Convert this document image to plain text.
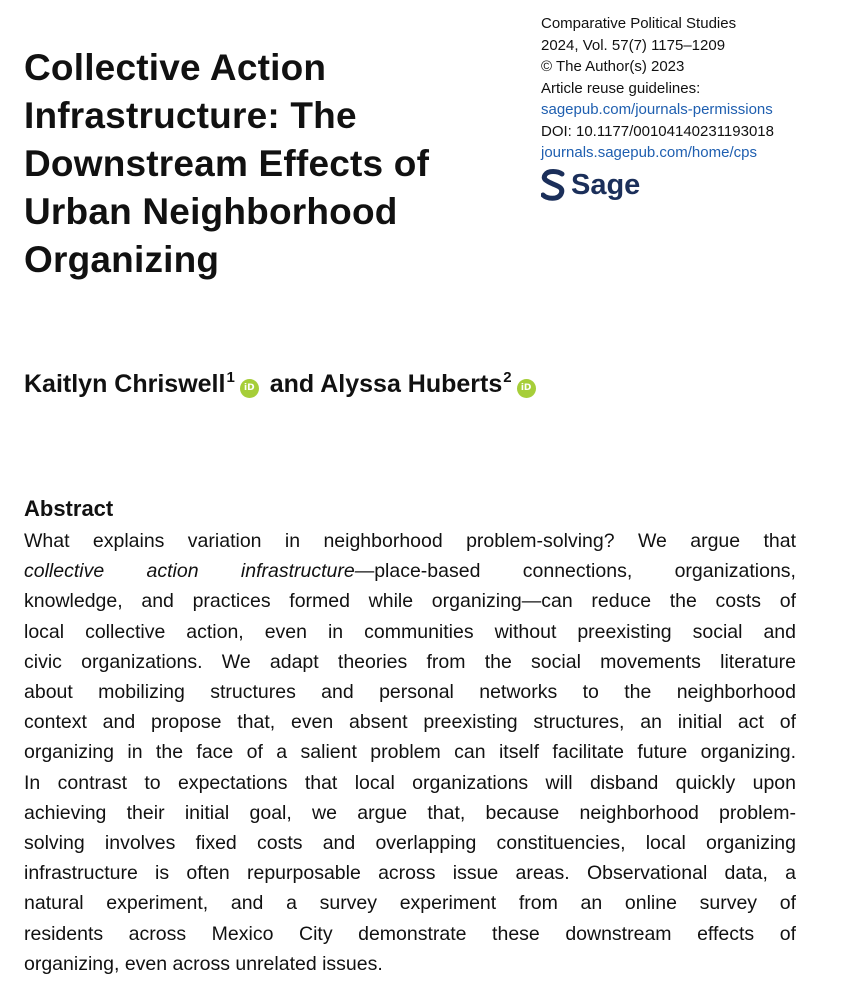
Collective Action
Infrastructure: The
Downstream Effects of
Urban Neighborhood
Organizing
Comparative Political Studies
2024, Vol. 57(7) 1175–1209
© The Author(s) 2023
Article reuse guidelines:
sagepub.com/journals-permissions
DOI: 10.1177/00104140231193018
journals.sagepub.com/home/cps
Sage
Kaitlyn Chriswell$^1$iD and Alyssa Huberts$^2$iD
Abstract

What explains variation in neighborhood problem-solving? We argue that
collective action infrastructure—place-based connections, organizations,
knowledge, and practices formed while organizing—can reduce the costs of
local collective action, even in communities without preexisting social and
civic organizations. We adapt theories from the social movements literature
about mobilizing structures and personal networks to the neighborhood
context and propose that, even absent preexisting structures, an initial act of
organizing in the face of a salient problem can itself facilitate future organizing.
In contrast to expectations that local organizations will disband quickly upon
achieving their initial goal, we argue that, because neighborhood problem-
solving involves fixed costs and overlapping constituencies, local organizing
infrastructure is often repurposable across issue areas. Observational data, a
natural experiment, and a survey experiment from an online survey of
residents across Mexico City demonstrate these downstream effects of
organizing, even across unrelated issues.
